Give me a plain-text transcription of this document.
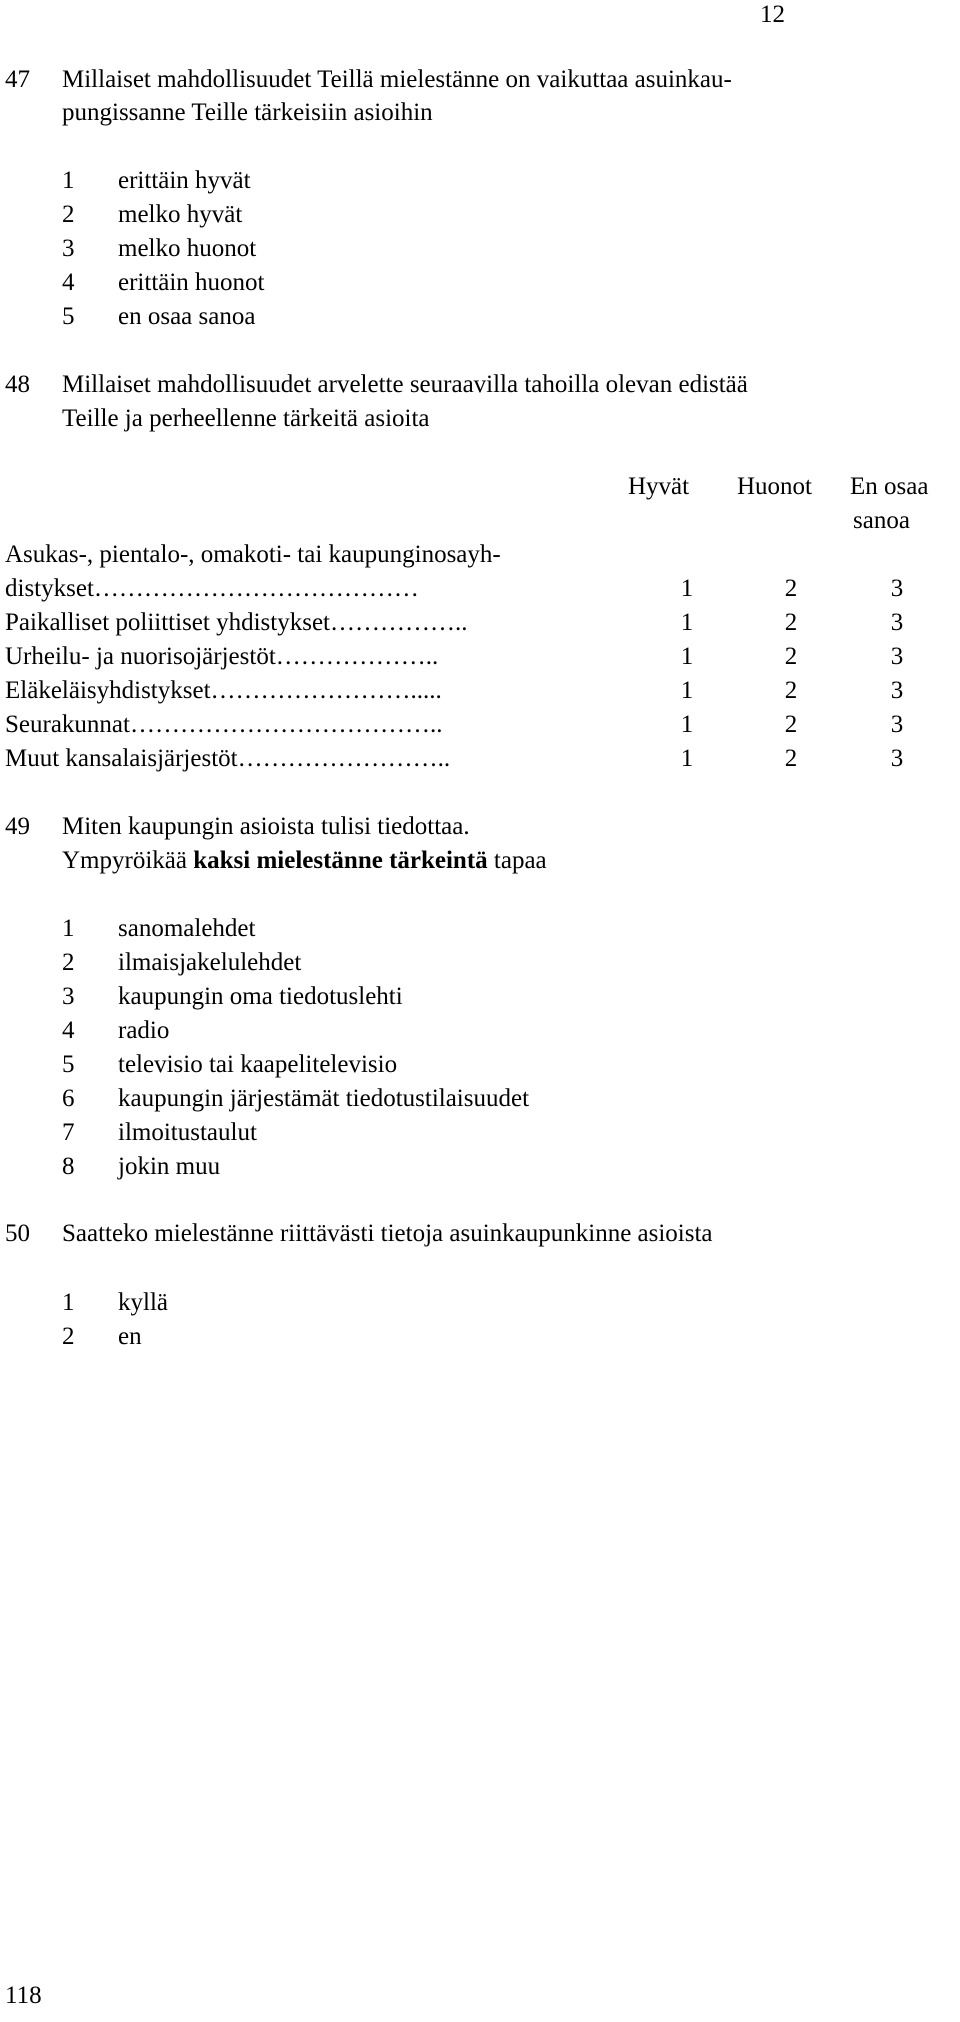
12
47 Millaiset mahdollisuudet Teillä mielestänne on vaikuttaa asuinkau-
pungissanne Teille tärkeisiin asioihin
1 erittäin hyvät
2 melko hyvät
3 melko huonot
4 erittäin huonot
5 en osaa sanoa
48 Millaiset mahdollisuudet arvelette seuraavilla tahoilla olevan edistää
Teille ja perheellenne tärkeitä asioita
Hyvät Huonot En osaa
sanoa
Asukas-, pientalo-, omakoti- tai kaupunginosayh-
distykset…………………………………	1	2	3
Paikalliset poliittiset yhdistykset……………..	1	2	3
Urheilu- ja nuorisojärjestöt………………..	1	2	3
Eläkeläisyhdistykset…………………….....	1	2	3
Seurakunnat………………………………..	1	2	3
Muut kansalaisjärjestöt……………………..	1	2	3
49 Miten kaupungin asioista tulisi tiedottaa.
Ympyröikää kaksi mielestänne tärkeintä tapaa
1 sanomalehdet
2 ilmaisjakelulehdet
3 kaupungin oma tiedotuslehti
4 radio
5 televisio tai kaapelitelevisio
6 kaupungin järjestämät tiedotustilaisuudet
7 ilmoitustaulut
8 jokin muu
50 Saatteko mielestänne riittävästi tietoja asuinkaupunkinne asioista
1 kyllä
2 en
118
